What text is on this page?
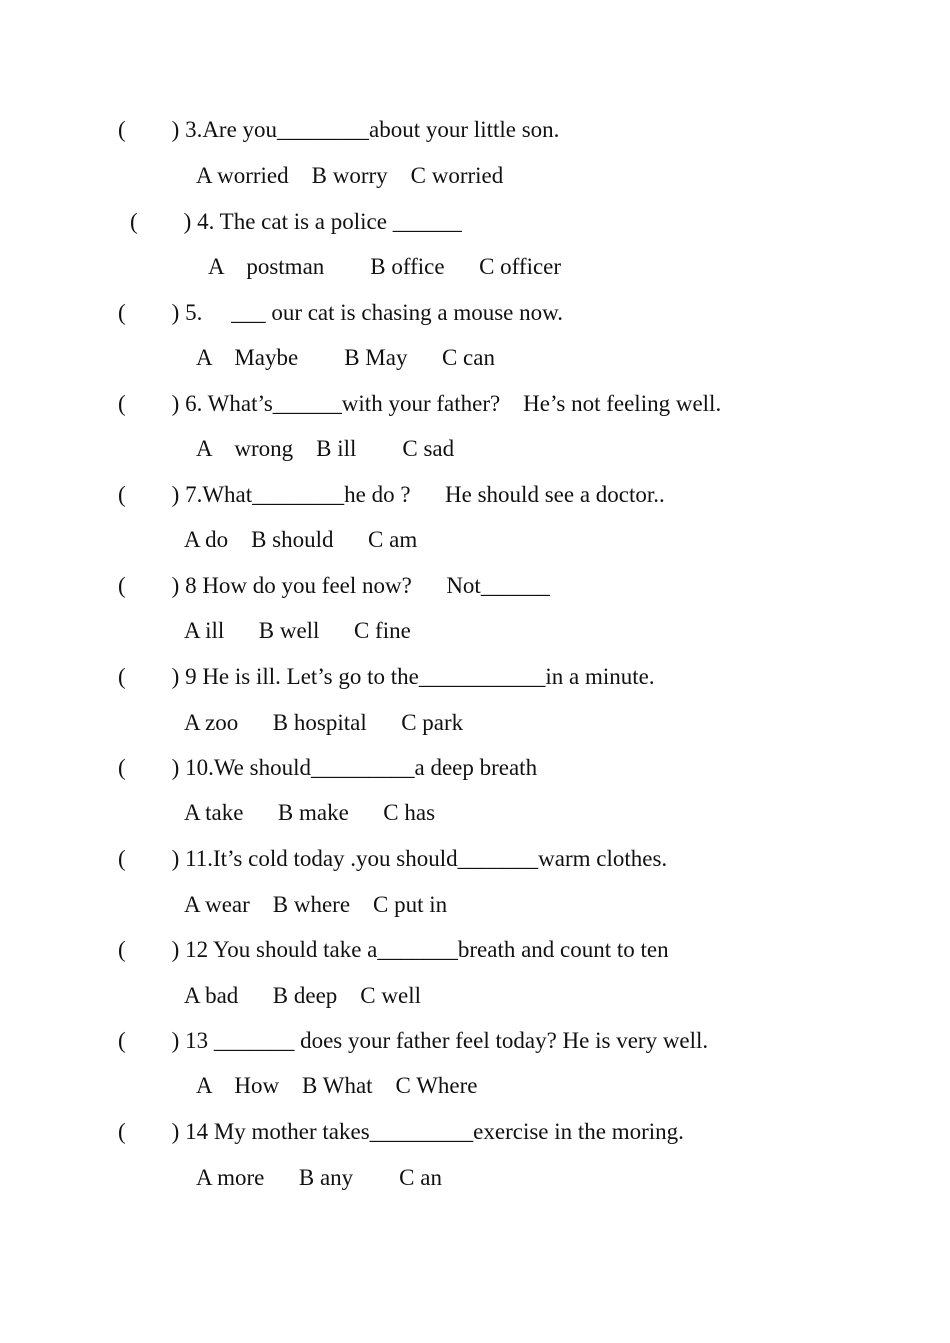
(        ) 3.Are you________about your little son.
A worried    B worry    C worried
(        ) 4. The cat is a police ______
A    postman        B office      C officer
(        ) 5.     ___ our cat is chasing a mouse now.
A    Maybe        B May      C can
(        ) 6. What’s______with your father?    He’s not feeling well.
A    wrong    B ill        C sad
(        ) 7.What________he do ?      He should see a doctor..
A do    B should      C am
(        ) 8 How do you feel now?      Not______
A ill      B well      C fine
(        ) 9 He is ill. Let’s go to the___________in a minute.
A zoo      B hospital      C park
(        ) 10.We should_________a deep breath
A take      B make      C has
(        ) 11.It’s cold today .you should_______warm clothes.
A wear    B where    C put in
(        ) 12 You should take a_______breath and count to ten
A bad      B deep    C well
(        ) 13 _______ does your father feel today? He is very well.
A    How    B What    C Where
(        ) 14 My mother takes_________exercise in the moring.
A more      B any        C an
